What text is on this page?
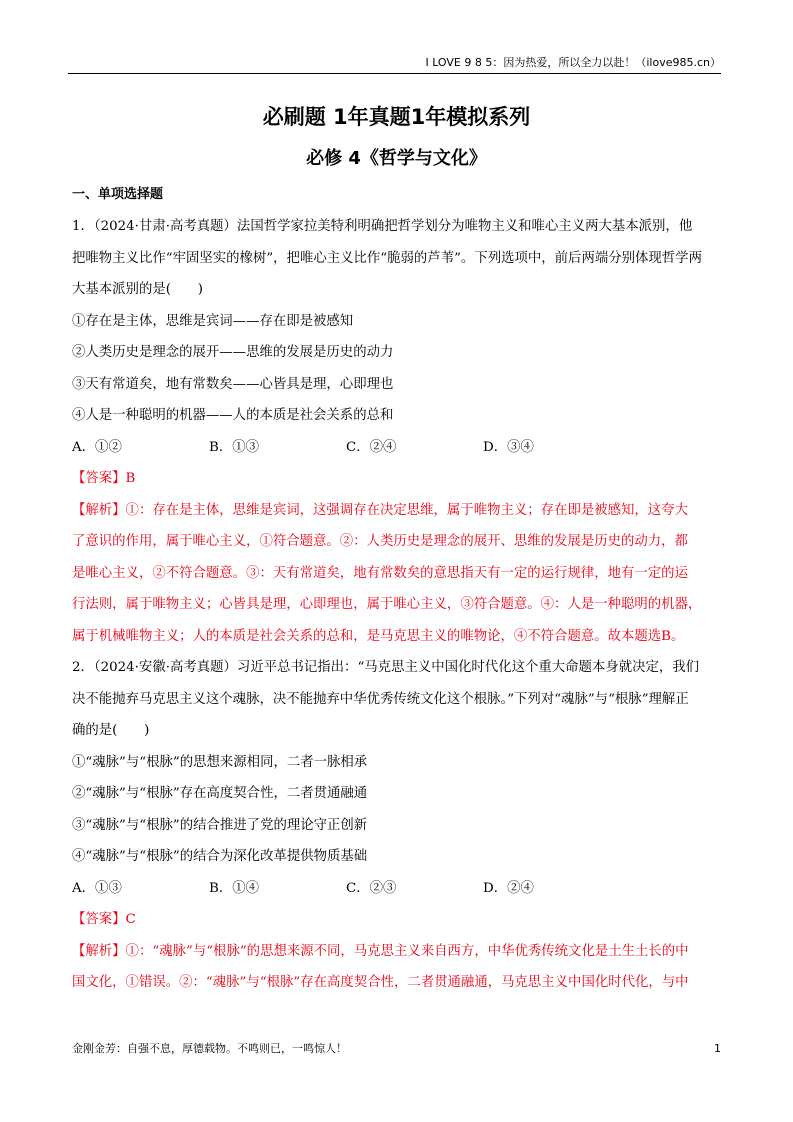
I LOVE 9 8 5：因为热爱，所以全力以赴！（ilove985.cn）
必刷题 1年真题1年模拟系列
必修 4《哲学与文化》
一、单项选择题
1．（2024·甘肃·高考真题）法国哲学家拉美特利明确把哲学划分为唯物主义和唯心主义两大基本派别，他
把唯物主义比作“牢固坚实的橡树”，把唯心主义比作“脆弱的芦苇”。下列选项中，前后两端分别体现哲学两
大基本派别的是(　　)
①存在是主体，思维是宾词——存在即是被感知
②人类历史是理念的展开——思维的发展是历史的动力
③天有常道矣，地有常数矣——心皆具是理，心即理也
④人是一种聪明的机器——人的本质是社会关系的总和
A．①②	B．①③	C．②④	D．③④
【答案】B
【解析】①：存在是主体，思维是宾词，这强调存在决定思维，属于唯物主义；存在即是被感知，这夸大
了意识的作用，属于唯心主义，①符合题意。②：人类历史是理念的展开、思维的发展是历史的动力，都
是唯心主义，②不符合题意。③：天有常道矣，地有常数矣的意思指天有一定的运行规律，地有一定的运
行法则，属于唯物主义；心皆具是理，心即理也，属于唯心主义，③符合题意。④：人是一种聪明的机器，
属于机械唯物主义；人的本质是社会关系的总和，是马克思主义的唯物论，④不符合题意。故本题选B。
2．（2024·安徽·高考真题）习近平总书记指出：“马克思主义中国化时代化这个重大命题本身就决定，我们
决不能抛弃马克思主义这个魂脉，决不能抛弃中华优秀传统文化这个根脉。”下列对“魂脉”与“根脉”理解正
确的是(　　)
①“魂脉”与“根脉”的思想来源相同，二者一脉相承
②“魂脉”与“根脉”存在高度契合性，二者贯通融通
③“魂脉”与“根脉”的结合推进了党的理论守正创新
④“魂脉”与“根脉”的结合为深化改革提供物质基础
A．①③	B．①④	C．②③	D．②④
【答案】C
【解析】①：“魂脉”与“根脉”的思想来源不同，马克思主义来自西方，中华优秀传统文化是土生土长的中
国文化，①错误。②：“魂脉”与“根脉”存在高度契合性，二者贯通融通，马克思主义中国化时代化，与中
金刚金芳：自强不息，厚德载物。不鸣则已，一鸣惊人！	1
